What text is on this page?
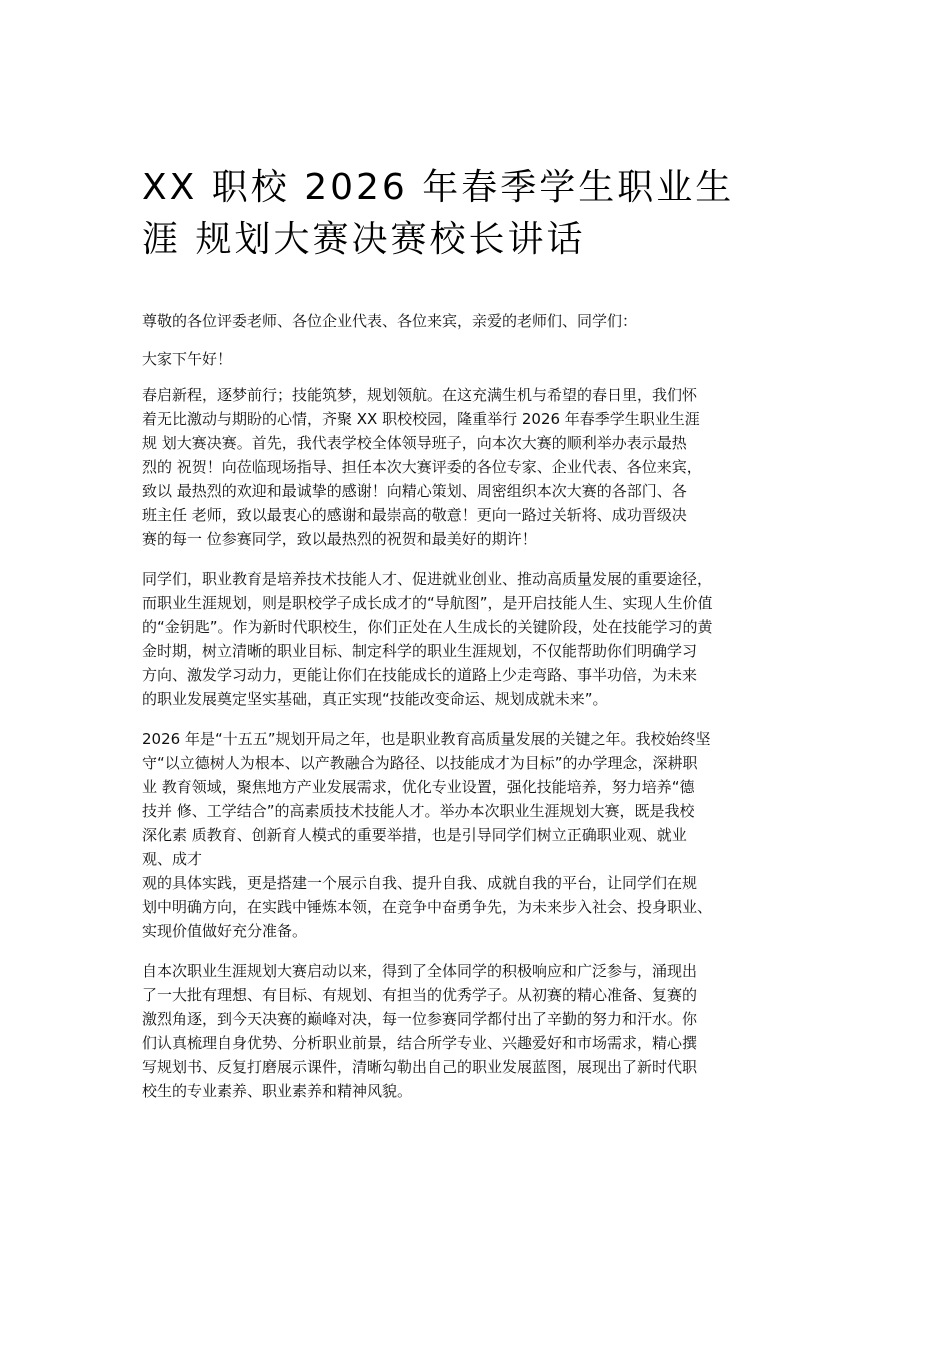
XX 职校 2026 年春季学生职业生
涯 规划大赛决赛校长讲话

尊敬的各位评委老师、各位企业代表、各位来宾，亲爱的老师们、同学们：

大家下午好！

春启新程，逐梦前行；技能筑梦，规划领航。在这充满生机与希望的春日里，我们怀
着无比激动与期盼的心情，齐聚 XX 职校校园，隆重举行 2026 年春季学生职业生涯
规 划大赛决赛。首先，我代表学校全体领导班子，向本次大赛的顺利举办表示最热
烈的 祝贺！向莅临现场指导、担任本次大赛评委的各位专家、企业代表、各位来宾，
致以 最热烈的欢迎和最诚挚的感谢！向精心策划、周密组织本次大赛的各部门、各
班主任 老师，致以最衷心的感谢和最崇高的敬意！更向一路过关斩将、成功晋级决
赛的每一 位参赛同学，致以最热烈的祝贺和最美好的期许！

同学们，职业教育是培养技术技能人才、促进就业创业、推动高质量发展的重要途径，
而职业生涯规划，则是职校学子成长成才的“导航图”，是开启技能人生、实现人生价值
的“金钥匙”。作为新时代职校生，你们正处在人生成长的关键阶段，处在技能学习的黄
金时期，树立清晰的职业目标、制定科学的职业生涯规划，不仅能帮助你们明确学习
方向、激发学习动力，更能让你们在技能成长的道路上少走弯路、事半功倍，为未来
的职业发展奠定坚实基础，真正实现“技能改变命运、规划成就未来”。

2026 年是“十五五”规划开局之年，也是职业教育高质量发展的关键之年。我校始终坚
守“以立德树人为根本、以产教融合为路径、以技能成才为目标”的办学理念，深耕职
业 教育领域，聚焦地方产业发展需求，优化专业设置，强化技能培养，努力培养“德
技并 修、工学结合”的高素质技术技能人才。举办本次职业生涯规划大赛，既是我校
深化素 质教育、创新育人模式的重要举措，也是引导同学们树立正确职业观、就业
观、成才
观的具体实践，更是搭建一个展示自我、提升自我、成就自我的平台，让同学们在规
划中明确方向，在实践中锤炼本领，在竞争中奋勇争先，为未来步入社会、投身职业、
实现价值做好充分准备。

自本次职业生涯规划大赛启动以来，得到了全体同学的积极响应和广泛参与，涌现出
了一大批有理想、有目标、有规划、有担当的优秀学子。从初赛的精心准备、复赛的
激烈角逐，到今天决赛的巅峰对决，每一位参赛同学都付出了辛勤的努力和汗水。你
们认真梳理自身优势、分析职业前景，结合所学专业、兴趣爱好和市场需求，精心撰
写规划书、反复打磨展示课件，清晰勾勒出自己的职业发展蓝图，展现出了新时代职
校生的专业素养、职业素养和精神风貌。
